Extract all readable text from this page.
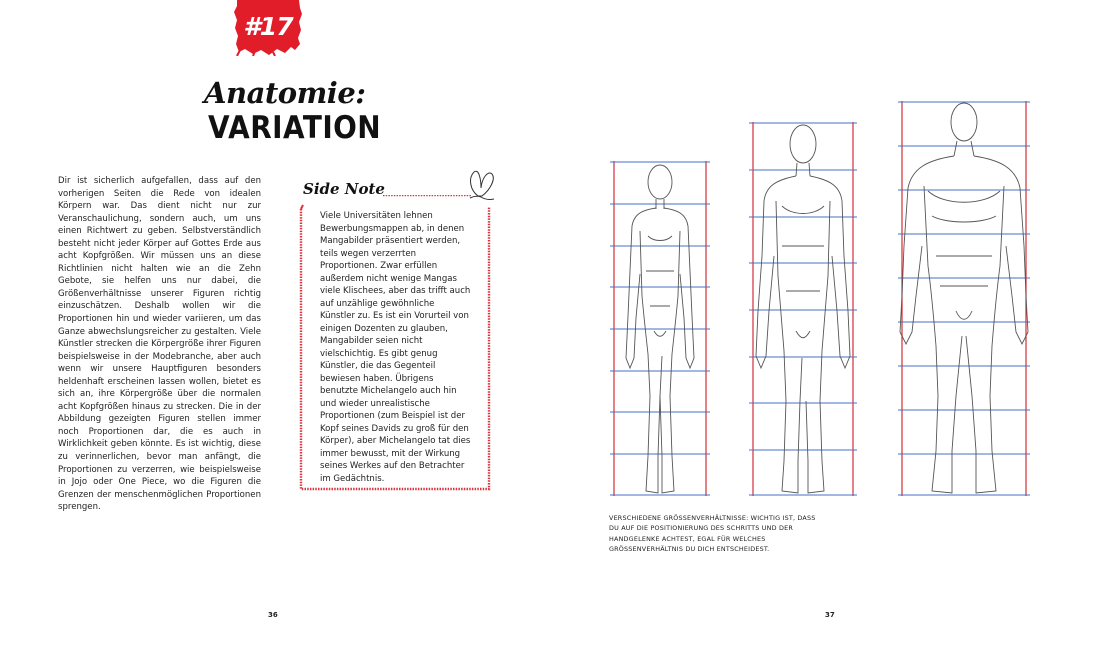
#17
Anatomie:
VARIATION

Dir ist sicherlich aufgefallen, dass auf den vorherigen Seiten die Rede von idealen Körpern war. Das dient nicht nur zur Veranschaulichung, sondern auch, um uns einen Richtwert zu geben. Selbstverständlich besteht nicht jeder Körper auf Gottes Erde aus acht Kopfgrößen. Wir müssen uns an diese Richtlinien nicht halten wie an die Zehn Gebote, sie helfen uns nur dabei, die Größenverhältnisse unserer Figuren richtig einzuschätzen. Deshalb wollen wir die Proportionen hin und wieder variieren, um das Ganze abwechslungsreicher zu gestalten. Viele Künstler strecken die Körpergröße ihrer Figuren beispielsweise in der Modebranche, aber auch wenn wir unsere Hauptfiguren besonders heldenhaft erscheinen lassen wollen, bietet es sich an, ihre Körpergröße über die normalen acht Kopfgrößen hinaus zu strecken. Die in der Abbildung gezeigten Figuren stellen immer noch Proportionen dar, die es auch in Wirklichkeit geben könnte. Es ist wichtig, diese zu verinnerlichen, bevor man anfängt, die Proportionen zu verzerren, wie beispielsweise in Jojo oder One Piece, wo die Figuren die Grenzen der menschenmöglichen Proportionen sprengen.

Side Note

Viele Universitäten lehnen Bewerbungsmappen ab, in denen Mangabilder präsentiert werden, teils wegen verzerrten Proportionen. Zwar erfüllen außerdem nicht wenige Mangas viele Klischees, aber das trifft auch auf unzählige gewöhnliche Künstler zu. Es ist ein Vorurteil von einigen Dozenten zu glauben, Mangabilder seien nicht vielschichtig. Es gibt genug Künstler, die das Gegenteil bewiesen haben. Übrigens benutzte Michelangelo auch hin und wieder unrealistische Proportionen (zum Beispiel ist der Kopf seines Davids zu groß für den Körper), aber Michelangelo tat dies immer bewusst, mit der Wirkung seines Werkes auf den Betrachter im Gedächtnis.

VERSCHIEDENE GRÖSSENVERHÄLTNISSE: WICHTIG IST, DASS DU AUF DIE POSITIONIERUNG DES SCHRITTS UND DER HANDGELENKE ACHTEST, EGAL FÜR WELCHES GRÖSSENVERHÄLTNIS DU DICH ENTSCHEIDEST.

36	37
